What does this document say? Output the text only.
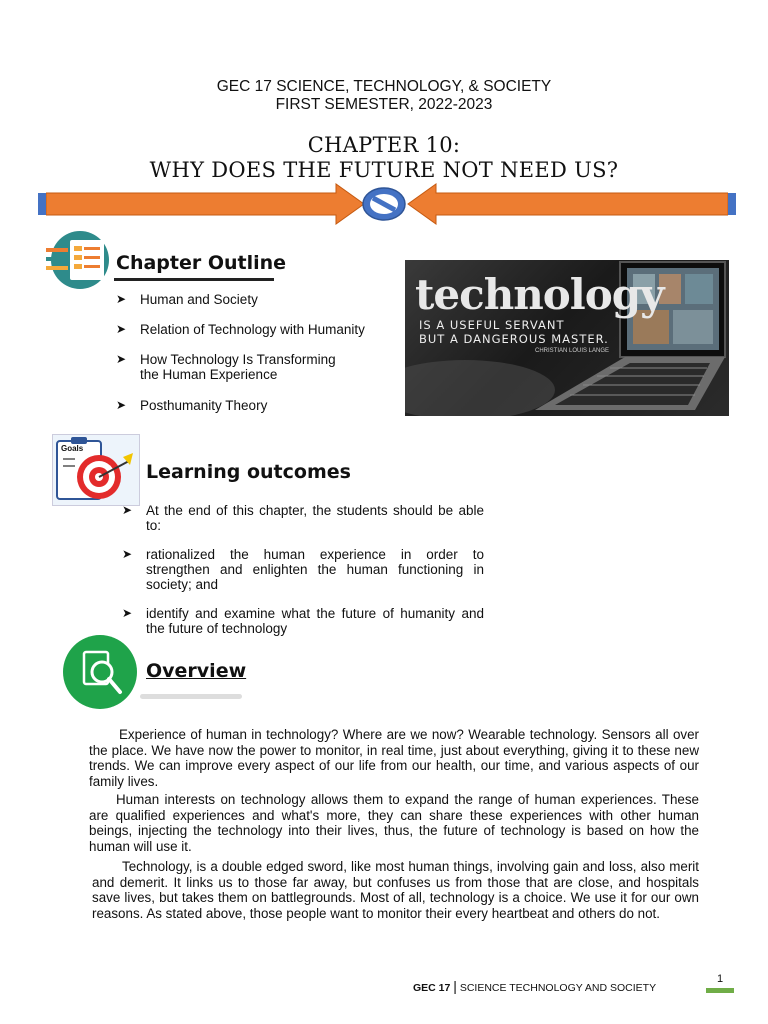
GEC 17 SCIENCE, TECHNOLOGY, & SOCIETY
FIRST SEMESTER, 2022-2023
CHAPTER 10:
WHY DOES THE FUTURE NOT NEED US?
Chapter Outline
➤ Human and Society
➤ Relation of Technology with Humanity
➤ How Technology Is Transforming
the Human Experience
➤ Posthumanity Theory
technology
IS A USEFUL SERVANT
BUT A DANGEROUS MASTER.
CHRISTIAN LOUIS LANGE
Goals
Learning outcomes
➤ At the end of this chapter, the students should be able to:
➤ rationalized the human experience in order to strengthen and enlighten the human functioning in society; and
➤ identify and examine what the future of humanity and the future of technology
Overview
Experience of human in technology? Where are we now? Wearable technology. Sensors all over the place. We have now the power to monitor, in real time, just about everything, giving it to these new trends. We can improve every aspect of our life from our health, our time, and various aspects of our family lives.
Human interests on technology allows them to expand the range of human experiences. These are qualified experiences and what's more, they can share these experiences with other human beings, injecting the technology into their lives, thus, the future of technology is based on how the human will use it.
Technology, is a double edged sword, like most human things, involving gain and loss, also merit and demerit. It links us to those far away, but confuses us from those that are close, and hospitals save lives, but takes them on battlegrounds. Most of all, technology is a choice. We use it for our own reasons. As stated above, those people want to monitor their every heartbeat and others do not.
GEC 17 | SCIENCE TECHNOLOGY AND SOCIETY
1
